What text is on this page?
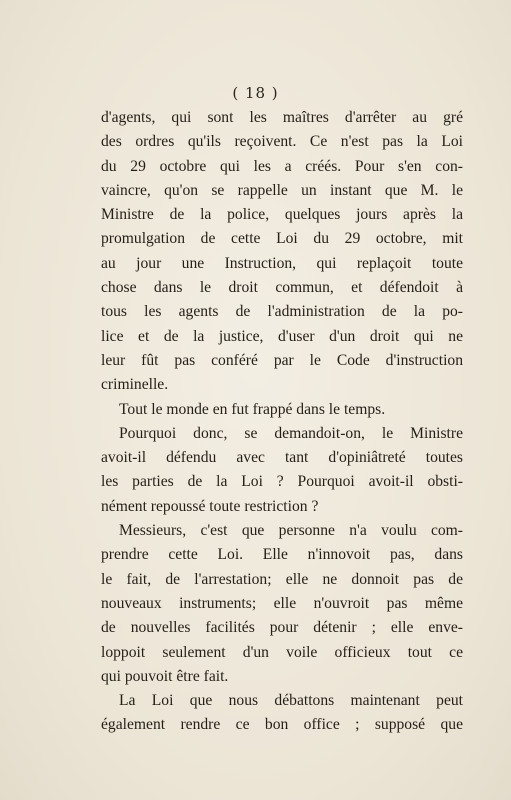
( 18 )
d'agents, qui sont les maîtres d'arrêter au gré
des ordres qu'ils reçoivent. Ce n'est pas la Loi
du 29 octobre qui les a créés. Pour s'en con-
vaincre, qu'on se rappelle un instant que M. le
Ministre de la police, quelques jours après la
promulgation de cette Loi du 29 octobre, mit
au jour une Instruction, qui replaçoit toute
chose dans le droit commun, et défendoit à
tous les agents de l'administration de la po-
lice et de la justice, d'user d'un droit qui ne
leur fût pas conféré par le Code d'instruction
criminelle.
Tout le monde en fut frappé dans le temps.
Pourquoi donc, se demandoit-on, le Ministre
avoit-il défendu avec tant d'opiniâtreté toutes
les parties de la Loi ? Pourquoi avoit-il obsti-
nément repoussé toute restriction ?
Messieurs, c'est que personne n'a voulu com-
prendre cette Loi. Elle n'innovoit pas, dans
le fait, de l'arrestation; elle ne donnoit pas de
nouveaux instruments; elle n'ouvroit pas même
de nouvelles facilités pour détenir ; elle enve-
loppoit seulement d'un voile officieux tout ce
qui pouvoit être fait.
La Loi que nous débattons maintenant peut
également rendre ce bon office ; supposé que
